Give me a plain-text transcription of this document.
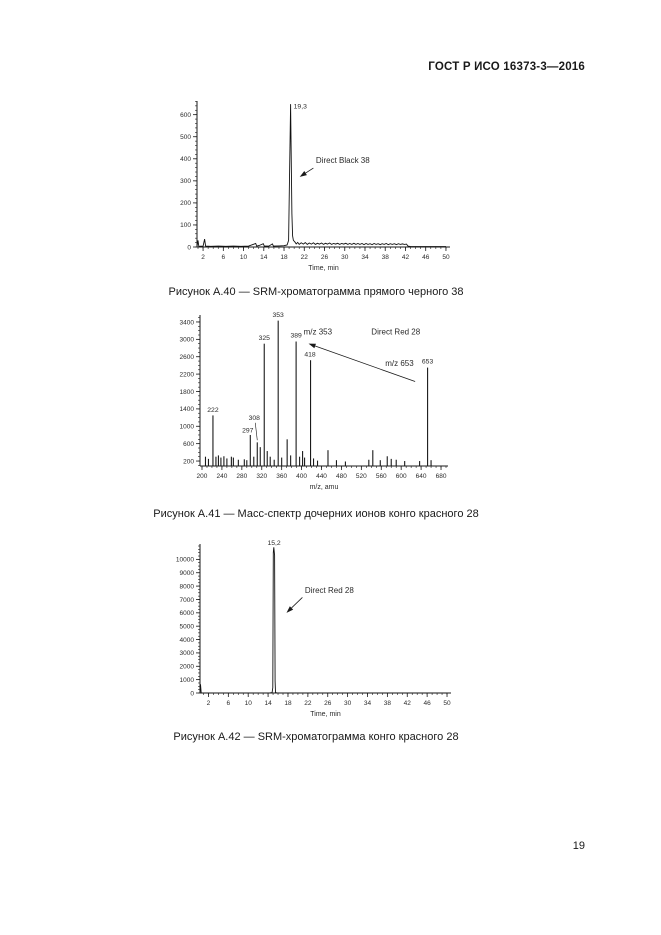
ГОСТ Р ИСО 16373-3—2016
2	6 10 14 18 22 26 30 34 38 42 46 50
0
100
200
300
400
500
600
Time, min
19,3
Direct Black 38
Рисунок А.40 — SRM-хроматограмма прямого черного 38
200 240 280 320 360 400 440 480 520 560 600 640 680
200
600
1000
1400
1800
2200
2600
3000
3400
m/z, amu
222
297
308
325
353
389
418
653
m/z 353	Direct Red 28
m/z 653
Рисунок А.41 — Масс-спектр дочерних ионов конго красного 28
2	6 10 14 18 22 26 30 34 38 42 46 50
0
1000
2000
3000
4000
5000
6000
7000
8000
9000
10000
Time, min
15,2
Direct Red 28
Рисунок А.42 — SRM-хроматограмма конго красного 28
19
